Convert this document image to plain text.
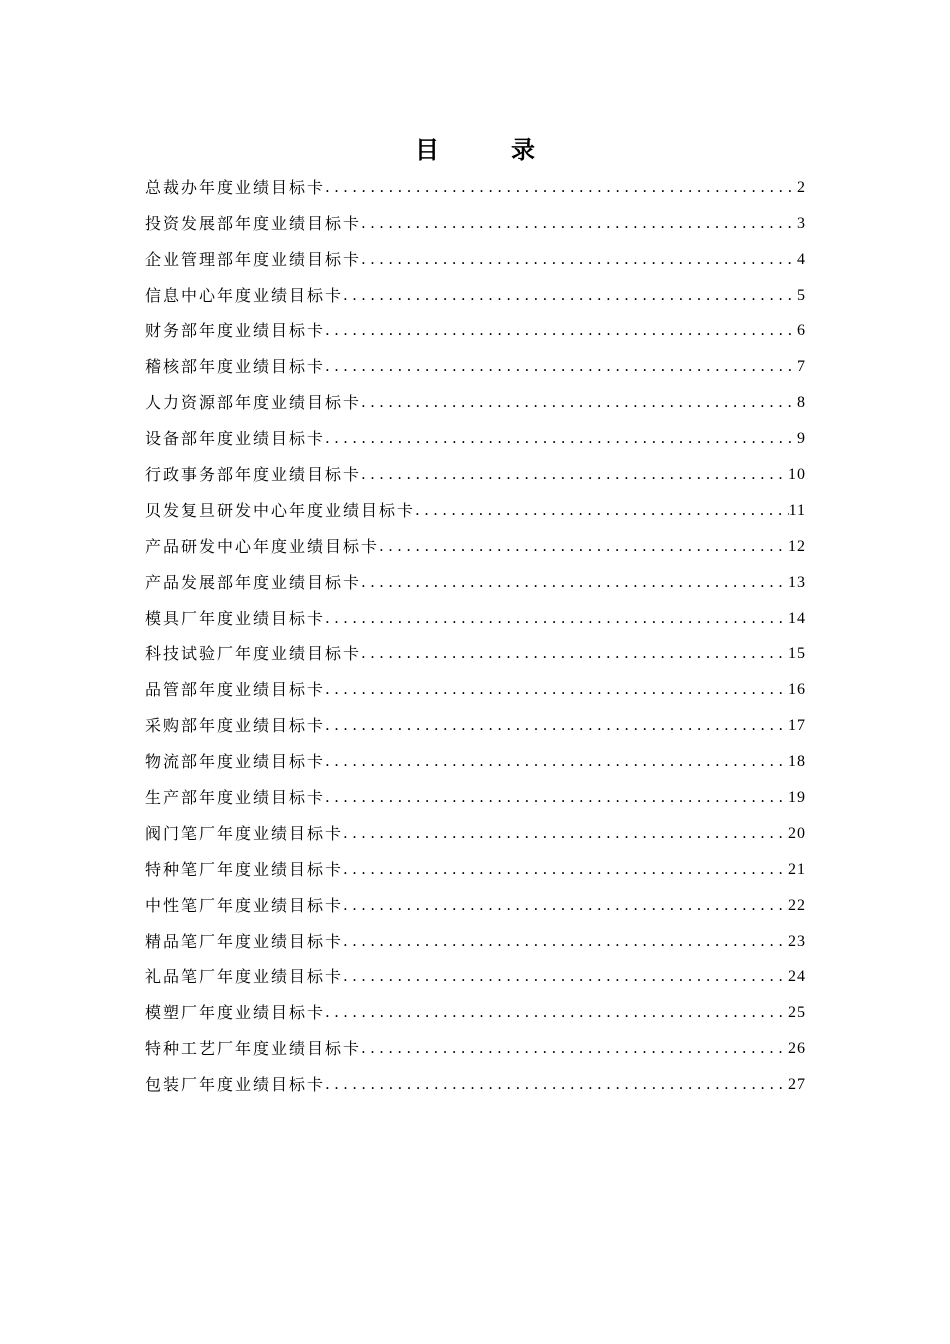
目　录
总裁办年度业绩目标卡 .....	2
投资发展部年度业绩目标卡 .....	3
企业管理部年度业绩目标卡 .....	4
信息中心年度业绩目标卡 .....	5
财务部年度业绩目标卡 .....	6
稽核部年度业绩目标卡 .....	7
人力资源部年度业绩目标卡 .....	8
设备部年度业绩目标卡 .....	9
行政事务部年度业绩目标卡 .....	10
贝发复旦研发中心年度业绩目标卡 .....	11
产品研发中心年度业绩目标卡 .....	12
产品发展部年度业绩目标卡 .....	13
模具厂年度业绩目标卡 .....	14
科技试验厂年度业绩目标卡 .....	15
品管部年度业绩目标卡 .....	16
采购部年度业绩目标卡 .....	17
物流部年度业绩目标卡 .....	18
生产部年度业绩目标卡 .....	19
阀门笔厂年度业绩目标卡 .....	20
特种笔厂年度业绩目标卡 .....	21
中性笔厂年度业绩目标卡 .....	22
精品笔厂年度业绩目标卡 .....	23
礼品笔厂年度业绩目标卡 .....	24
模塑厂年度业绩目标卡 .....	25
特种工艺厂年度业绩目标卡 .....	26
包装厂年度业绩目标卡 .....	27
